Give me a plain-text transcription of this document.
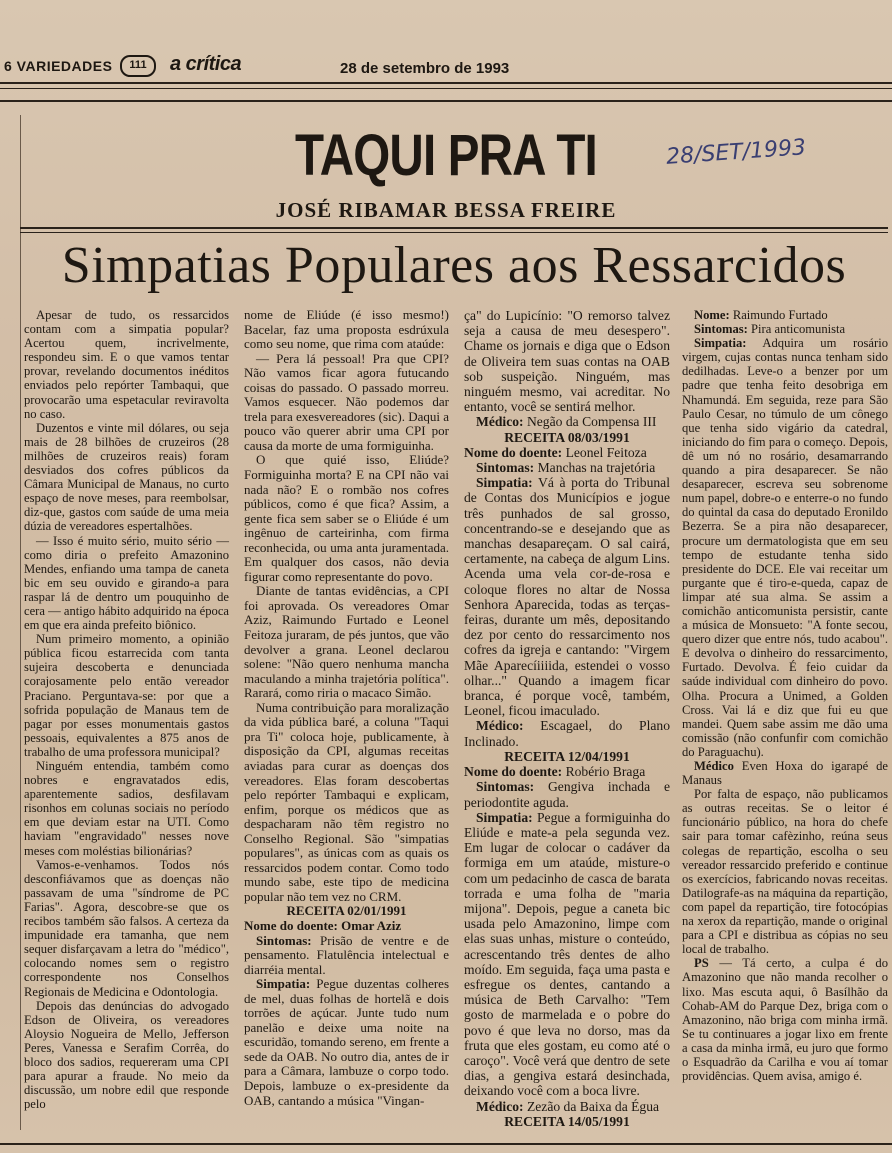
6 VARIEDADES	111	a crítica	28 de setembro de 1993
TAQUI PRA TI	28/SET/1993
JOSÉ RIBAMAR BESSA FREIRE
Simpatias Populares aos Ressarcidos

Apesar de tudo, os ressarcidos contam com a simpatia popular? Acertou quem, incrivelmente, respondeu sim. E o que vamos tentar provar, revelando documentos inéditos enviados pelo repórter Tambaqui, que provocarão uma espetacular reviravolta no caso.

Duzentos e vinte mil dólares, ou seja mais de 28 bilhões de cruzeiros (28 milhões de cruzeiros reais) foram desviados dos cofres públicos da Câmara Municipal de Manaus, no curto espaço de nove meses, para reembolsar, diz-que, gastos com saúde de uma meia dúzia de vereadores espertalhões.

— Isso é muito sério, muito sério — como diria o prefeito Amazonino Mendes, enfiando uma tampa de caneta bic em seu ouvido e girando-a para raspar lá de dentro um pouquinho de cera — antigo hábito adquirido na época em que era ainda prefeito biônico.

Num primeiro momento, a opinião pública ficou estarrecida com tanta sujeira descoberta e denunciada corajosamente pelo então vereador Praciano. Perguntava-se: por que a sofrida população de Manaus tem de pagar por esses monumentais gastos pessoais, equivalentes a 875 anos de trabalho de uma professora municipal?

Ninguém entendia, também como nobres e engravatados edis, aparentemente sadios, desfilavam risonhos em colunas sociais no período em que deviam estar na UTI. Como haviam "engravidado" nesses nove meses com moléstias bilionárias?

Vamos-e-venhamos. Todos nós desconfiávamos que as doenças não passavam de uma "síndrome de PC Farias". Agora, descobre-se que os recibos também são falsos. A certeza da impunidade era tamanha, que nem sequer disfarçavam a letra do "médico", colocando nomes sem o registro correspondente nos Conselhos Regionais de Medicina e Odontologia.

Depois das denúncias do advogado Edson de Oliveira, os vereadores Aloysio Nogueira de Mello, Jefferson Peres, Vanessa e Serafim Corrêa, do bloco dos sadios, requereram uma CPI para apurar a fraude. No meio da discussão, um nobre edil que responde pelo

nome de Eliúde (é isso mesmo!) Bacelar, faz uma proposta esdrúxula como seu nome, que rima com ataúde:

— Pera lá pessoal! Pra que CPI? Não vamos ficar agora futucando coisas do passado. O passado morreu. Vamos esquecer. Não podemos dar trela para exesvereadores (sic). Daqui a pouco vão querer abrir uma CPI por causa da morte de uma formiguinha.

O que quié isso, Eliúde? Formiguinha morta? E na CPI não vai nada não? E o rombão nos cofres públicos, como é que fica? Assim, a gente fica sem saber se o Eliúde é um ingênuo de carteirinha, com firma reconhecida, ou uma anta juramentada. Em qualquer dos casos, não devia figurar como representante do povo.

Diante de tantas evidências, a CPI foi aprovada. Os vereadores Omar Aziz, Raimundo Furtado e Leonel Feitoza juraram, de pés juntos, que vão devolver a grana. Leonel declarou solene: "Não quero nenhuma mancha maculando a minha trajetória política". Rarará, como riria o macaco Simão.

Numa contribuição para moralização da vida pública baré, a coluna "Taqui pra Ti" coloca hoje, publicamente, à disposição da CPI, algumas receitas aviadas para curar as doenças dos vereadores. Elas foram descobertas pelo repórter Tambaqui e explicam, enfim, porque os médicos que as despacharam não têm registro no Conselho Regional. São "simpatias populares", as únicas com as quais os ressarcidos podem contar. Como todo mundo sabe, este tipo de medicina popular não tem vez no CRM.

RECEITA 02/01/1991

Nome do doente: Omar Aziz

Sintomas: Prisão de ventre e de pensamento. Flatulência intelectual e diarréia mental.

Simpatia: Pegue duzentas colheres de mel, duas folhas de hortelã e dois torrões de açúcar. Junte tudo num panelão e deixe uma noite na escuridão, tomando sereno, em frente a sede da OAB. No outro dia, antes de ir para a Câmara, lambuze o corpo todo. Depois, lambuze o ex-presidente da OAB, cantando a música "Vingan-

ça" do Lupicínio: "O remorso talvez seja a causa de meu desespero". Chame os jornais e diga que o Edson de Oliveira tem suas contas na OAB sob suspeição. Ninguém, mas ninguém mesmo, vai acreditar. No entanto, você se sentirá melhor.

Médico: Negão da Compensa III

RECEITA 08/03/1991

Nome do doente: Leonel Feitoza

Sintomas: Manchas na trajetória

Simpatia: Vá à porta do Tribunal de Contas dos Municípios e jogue três punhados de sal grosso, concentrando-se e desejando que as manchas desapareçam. O sal cairá, certamente, na cabeça de algum Lins. Acenda uma vela cor-de-rosa e coloque flores no altar de Nossa Senhora Aparecida, todas as terças-feiras, durante um mês, depositando dez por cento do ressarcimento nos cofres da igreja e cantando: "Virgem Mãe Aparecíiiiida, estendei o vosso olhar..." Quando a imagem ficar branca, é porque você, também, Leonel, ficou imaculado.

Médico: Escagael, do Plano Inclinado.

RECEITA 12/04/1991

Nome do doente: Robério Braga

Sintomas: Gengiva inchada e periodontite aguda.

Simpatia: Pegue a formiguinha do Eliúde e mate-a pela segunda vez. Em lugar de colocar o cadáver da formiga em um ataúde, misture-o com um pedacinho de casca de barata torrada e uma folha de "maria mijona". Depois, pegue a caneta bic usada pelo Amazonino, limpe com elas suas unhas, misture o conteúdo, acrescentando três dentes de alho moído. Em seguida, faça uma pasta e esfregue os dentes, cantando a música de Beth Carvalho: "Tem gosto de marmelada e o pobre do povo é que leva no dorso, mas da fruta que eles gostam, eu como até o caroço". Você verá que dentro de sete dias, a gengiva estará desinchada, deixando você com a boca livre.

Médico: Zezão da Baixa da Égua

RECEITA 14/05/1991

Nome: Raimundo Furtado

Sintomas: Pira anticomunista

Simpatia: Adquira um rosário virgem, cujas contas nunca tenham sido dedilhadas. Leve-o a benzer por um padre que tenha feito desobriga em Nhamundá. Em seguida, reze para São Paulo Cesar, no túmulo de um cônego que tenha sido vigário da catedral, iniciando do fim para o começo. Depois, dê um nó no rosário, desamarrando quando a pira desaparecer. Se não desaparecer, escreva seu sobrenome num papel, dobre-o e enterre-o no fundo do quintal da casa do deputado Eronildo Bezerra. Se a pira não desaparecer, procure um dermatologista que em seu tempo de estudante tenha sido presidente do DCE. Ele vai receitar um purgante que é tiro-e-queda, capaz de limpar até sua alma. Se assim a comichão anticomunista persistir, cante a música de Monsueto: "A fonte secou, quero dizer que entre nós, tudo acabou". E devolva o dinheiro do ressarcimento, Furtado. Devolva. É feio cuidar da saúde individual com dinheiro do povo. Olha. Procura a Unimed, a Golden Cross. Vai lá e diz que fui eu que mandei. Quem sabe assim me dão uma comissão (não confunfir com comichão do Paraguachu).

Médico Even Hoxa do igarapé de Manaus

Por falta de espaço, não publicamos as outras receitas. Se o leitor é funcionário público, na hora do chefe sair para tomar cafèzinho, reúna seus colegas de repartição, escolha o seu vereador ressarcido preferido e continue os exercícios, fabricando novas receitas. Datilografe-as na máquina da repartição, com papel da repartição, tire fotocópias na xerox da repartição, mande o original para a CPI e distribua as cópias no seu local de trabalho.

PS — Tá certo, a culpa é do Amazonino que não manda recolher o lixo. Mas escuta aqui, ô Basílhão da Cohab-AM do Parque Dez, briga com o Amazonino, não briga com minha irmã. Se tu continuares a jogar lixo em frente a casa da minha irmã, eu juro que formo o Esquadrão da Carilha e vou aí tomar providências. Quem avisa, amigo é.
